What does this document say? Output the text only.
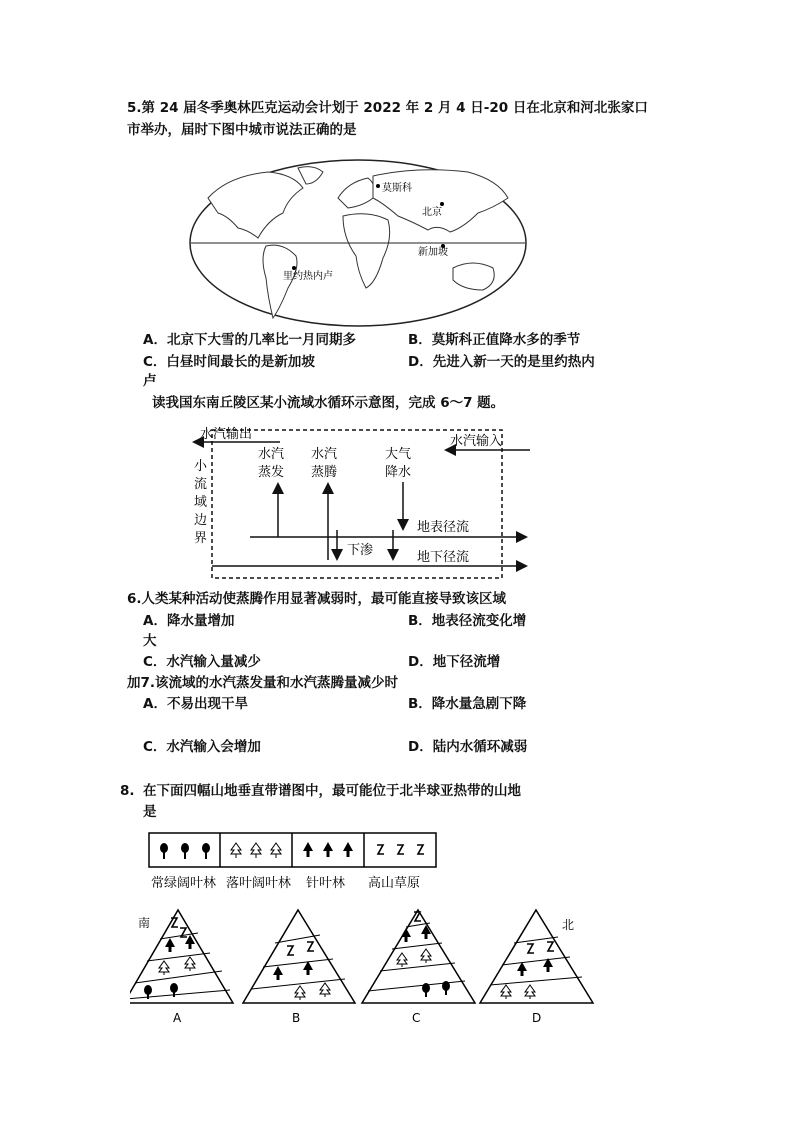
5.第 24 届冬季奥林匹克运动会计划于 2022 年 2 月 4 日-20 日在北京和河北张家口
市举办，届时下图中城市说法正确的是
莫斯科
北京
新加坡
里约热内卢
A．北京下大雪的几率比一月同期多	B．莫斯科正值降水多的季节
C．白昼时间最长的是新加坡	D．先进入新一天的是里约热内
卢
读我国东南丘陵区某小流域水循环示意图，完成 6～7 题。
水汽输出	水汽输入
水汽
蒸发
水汽
蒸腾
大气
降水
小
流
域
边
界
地表径流
下渗	地下径流
6.人类某种活动使蒸腾作用显著减弱时，最可能直接导致该区域
A．降水量增加	B．地表径流变化增
大
C．水汽输入量减少	D．地下径流增
加7.该流域的水汽蒸发量和水汽蒸腾量减少时
A．不易出现干旱	B．降水量急剧下降
C．水汽输入会增加	D．陆内水循环减弱
8. 在下面四幅山地垂直带谱图中，最可能位于北半球亚热带的山地
是
常绿阔叶林 落叶阔叶林 针叶林 高山草原
南	北
A	B	C	D
